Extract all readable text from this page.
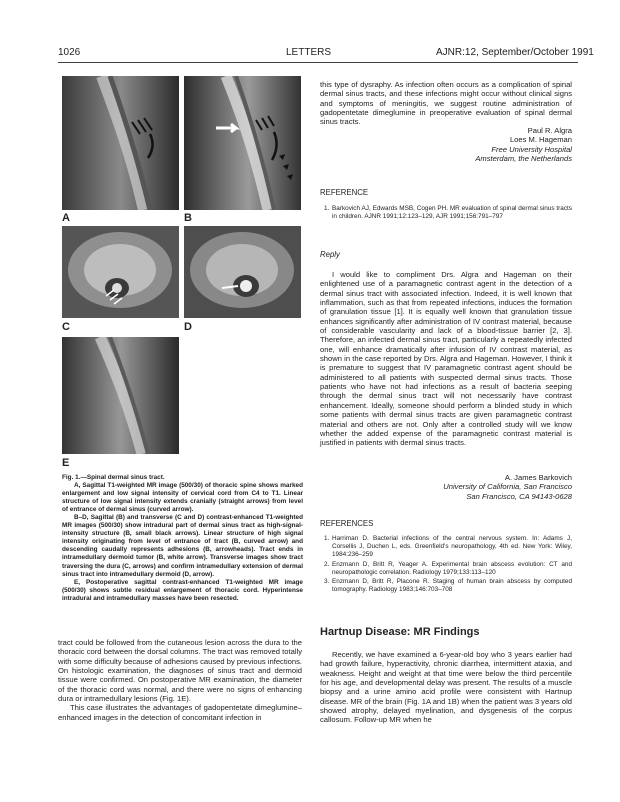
1026	LETTERS	AJNR:12, September/October 1991
A	B
C	D
E

Fig. 1.—Spinal dermal sinus tract.

A, Sagittal T1-weighted MR image (500/30) of thoracic spine shows marked enlargement and low signal intensity of cervical cord from C4 to T1. Linear structure of low signal intensity extends cranially (straight arrows) from level of entrance of dermal sinus (curved arrow).

B–D, Sagittal (B) and transverse (C and D) contrast-enhanced T1-weighted MR images (500/30) show intradural part of dermal sinus tract as high-signal-intensity structure (B, small black arrows). Linear structure of high signal intensity originating from level of entrance of tract (B, curved arrow) and descending caudally represents adhesions (B, arrowheads). Tract ends in intramedullary dermoid tumor (B, white arrow). Transverse images show tract traversing the dura (C, arrows) and confirm intramedullary extension of dermal sinus tract into intramedullary dermoid (D, arrow).

E, Postoperative sagittal contrast-enhanced T1-weighted MR image (500/30) shows subtle residual enlargement of thoracic cord. Hyperintense intradural and intramedullary masses have been resected.

tract could be followed from the cutaneous lesion across the dura to the thoracic cord between the dorsal columns. The tract was removed totally with some difficulty because of adhesions caused by previous infections. On histologic examination, the diagnoses of sinus tract and dermoid tissue were confirmed. On postoperative MR examination, the diameter of the thoracic cord was normal, and there were no signs of enhancing dura or intramedullary lesions (Fig. 1E).

This case illustrates the advantages of gadopentetate dimeglumine–enhanced images in the detection of concomitant infection in

this type of dysraphy. As infection often occurs as a complication of spinal dermal sinus tracts, and these infections might occur without clinical signs and symptoms of meningitis, we suggest routine administration of gadopentetate dimeglumine in preoperative evaluation of spinal dermal sinus tracts.

Paul R. Algra
Loes M. Hageman
Free University Hospital
Amsterdam, the Netherlands
REFERENCE
1. Barkovich AJ, Edwards MSB, Cogen PH. MR evaluation of spinal dermal sinus tracts in children. AJNR 1991;12:123–129, AJR 1991;156:791–797
Reply

I would like to compliment Drs. Algra and Hageman on their enlightened use of a paramagnetic contrast agent in the detection of a dermal sinus tract with associated infection. Indeed, it is well known that inflammation, such as that from repeated infections, induces the formation of granulation tissue [1]. It is equally well known that granulation tissue enhances significantly after administration of IV contrast material, because of considerable vascularity and lack of a blood-tissue barrier [2, 3]. Therefore, an infected dermal sinus tract, particularly a repeatedly infected one, will enhance dramatically after infusion of IV contrast material, as shown in the case reported by Drs. Algra and Hageman. However, I think it is premature to suggest that IV paramagnetic contrast agent should be administered to all patients with suspected dermal sinus tracts. Those patients who have not had infections as a result of bacteria seeping through the dermal sinus tract will not necessarily have contrast enhancement. Ideally, someone should perform a blinded study in which some patients with dermal sinus tracts are given paramagnetic contrast material and others are not. Only after a controlled study will we know whether the added expense of the paramagnetic contrast material is justified in patients with dermal sinus tracts.

A. James Barkovich
University of California, San Francisco
San Francisco, CA 94143-0628
REFERENCES
1. Harriman D. Bacterial infections of the central nervous system. In: Adams J, Corsellis J, Duchen L, eds. Greenfield's neuropathology, 4th ed. New York: Wiley, 1984:236–259
2. Enzmann D, Britt R, Yeager A. Experimental brain abscess evolution: CT and neuropathologic correlation. Radiology 1979;133:113–120
3. Enzmann D, Britt R, Placone R. Staging of human brain abscess by computed tomography. Radiology 1983;146:703–708
Hartnup Disease: MR Findings

Recently, we have examined a 6-year-old boy who 3 years earlier had had growth failure, hyperactivity, chronic diarrhea, intermittent ataxia, and weakness. Height and weight at that time were below the third percentile for his age, and developmental delay was present. The results of a muscle biopsy and a urine amino acid profile were consistent with Hartnup disease. MR of the brain (Fig. 1A and 1B) when the patient was 3 years old showed atrophy, delayed myelination, and dysgenesis of the corpus callosum. Follow-up MR when he
